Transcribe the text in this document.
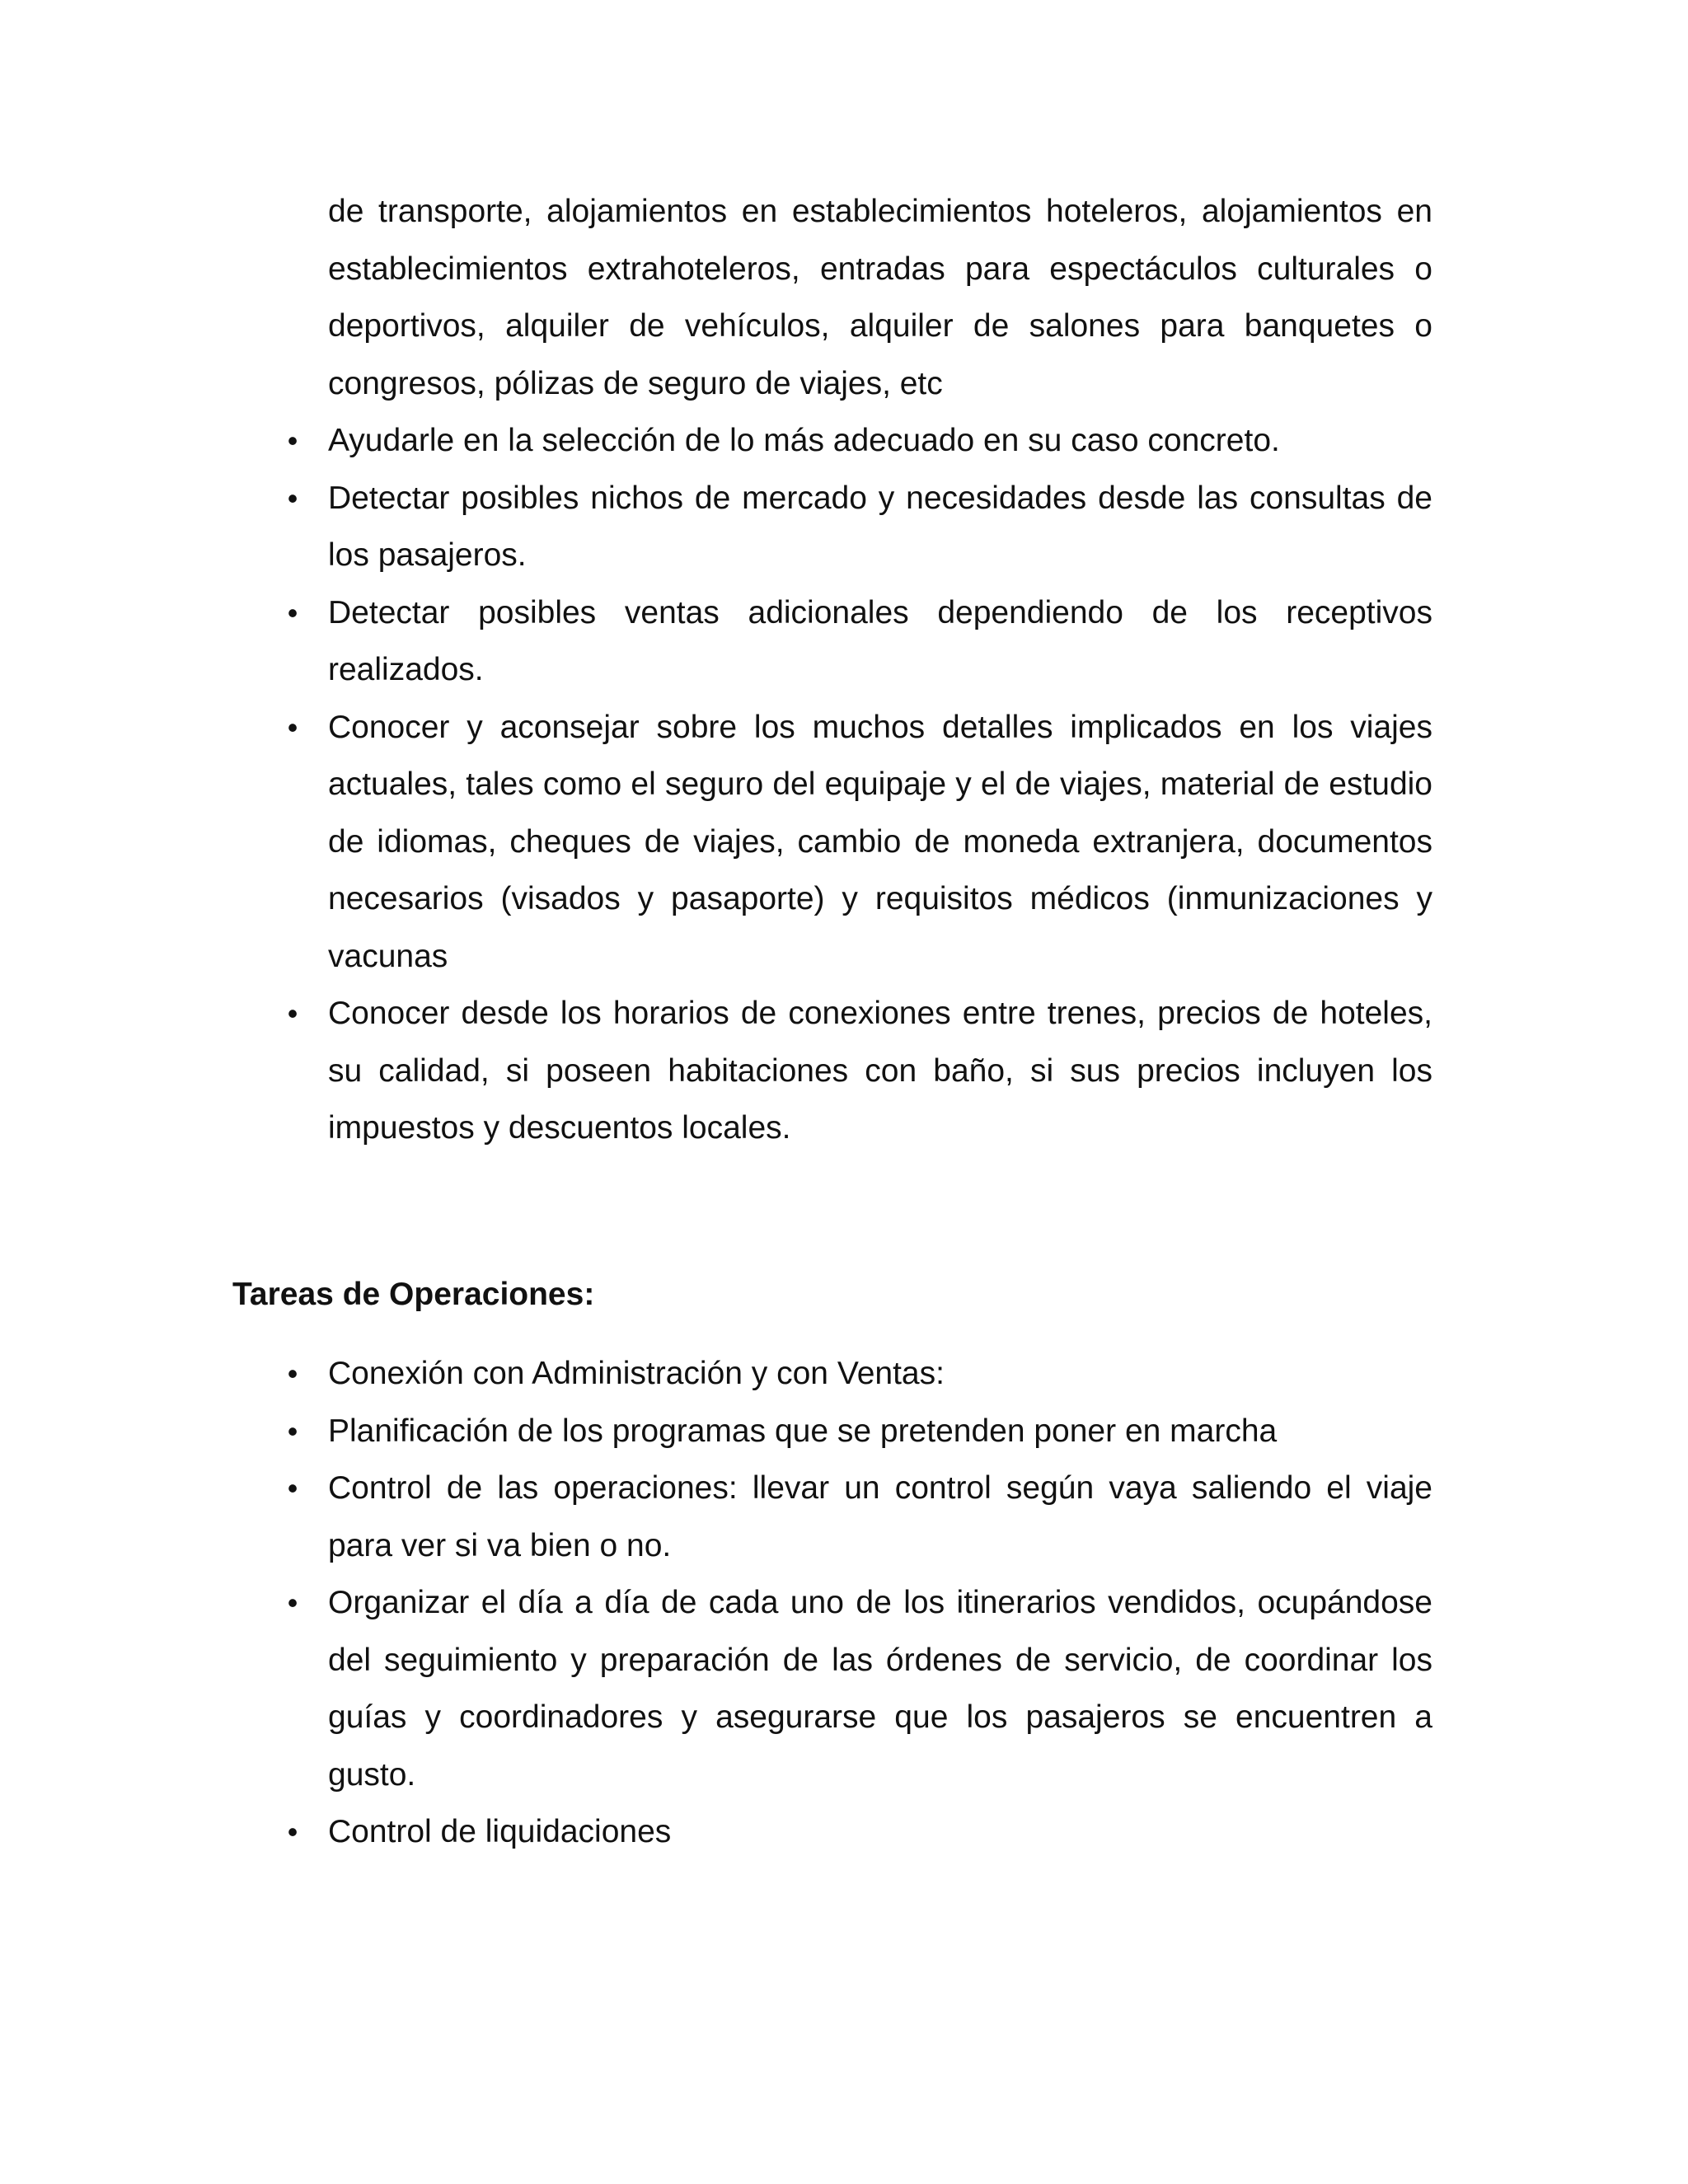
de transporte, alojamientos en establecimientos hoteleros, alojamientos en establecimientos extrahoteleros, entradas para espectáculos culturales o deportivos, alquiler de vehículos, alquiler de salones para banquetes o congresos, pólizas de seguro de viajes, etc
• Ayudarle en la selección de lo más adecuado en su caso concreto.
• Detectar posibles nichos de mercado y necesidades desde las consultas de los pasajeros.
• Detectar posibles ventas adicionales dependiendo de los receptivos realizados.
• Conocer y aconsejar sobre los muchos detalles implicados en los viajes actuales, tales como el seguro del equipaje y el de viajes, material de estudio de idiomas, cheques de viajes, cambio de moneda extranjera, documentos necesarios (visados y pasaporte) y requisitos médicos (inmunizaciones y vacunas
• Conocer desde los horarios de conexiones entre trenes, precios de hoteles, su calidad, si poseen habitaciones con baño, si sus precios incluyen los impuestos y descuentos locales.
Tareas de Operaciones:
• Conexión con Administración y con Ventas:
• Planificación de los programas que se pretenden poner en marcha
• Control de las operaciones: llevar un control según vaya saliendo el viaje para ver si va bien o no.
• Organizar el día a día de cada uno de los itinerarios vendidos, ocupándose del seguimiento y preparación de las órdenes de servicio, de coordinar los guías y coordinadores y asegurarse que los pasajeros se encuentren a gusto.
• Control de liquidaciones
